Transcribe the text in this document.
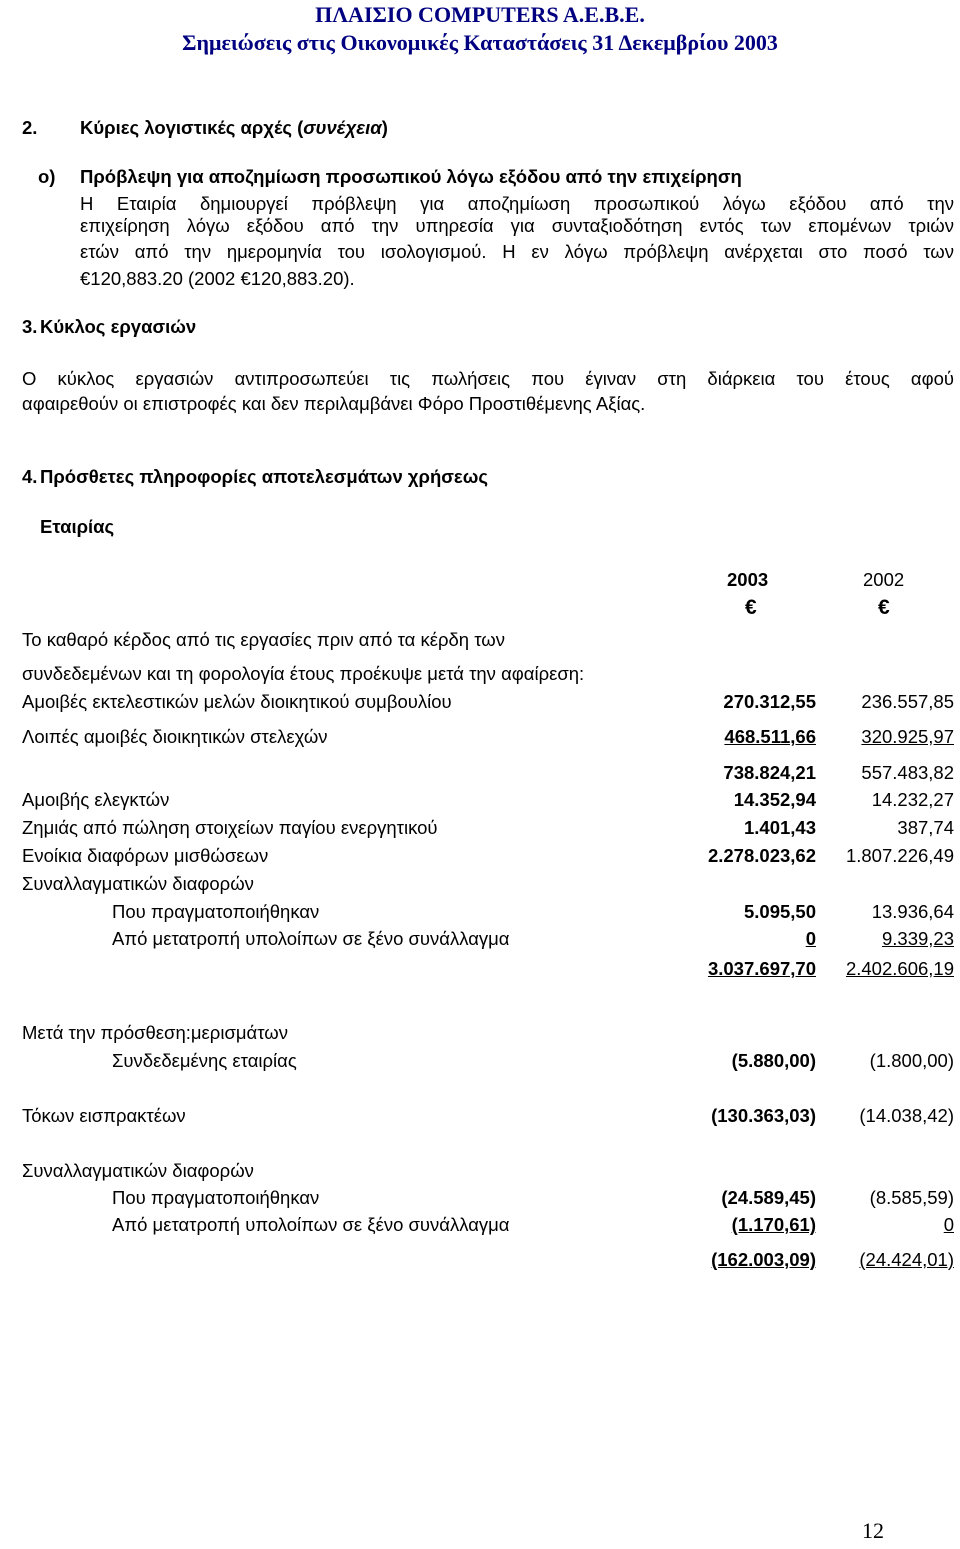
ΠΛΑΙΣΙΟ COMPUTERS A.E.B.E.
Σημειώσεις στις Οικονομικές Καταστάσεις 31 Δεκεμβρίου 2003
2. Κύριες λογιστικές αρχές (συνέχεια)
o) Πρόβλεψη για αποζημίωση προσωπικού λόγω εξόδου από την επιχείρηση
Η Εταιρία δημιουργεί πρόβλεψη για αποζημίωση προσωπικού λόγω εξόδου από την
επιχείρηση λόγω εξόδου από την υπηρεσία για συνταξιοδότηση εντός των επομένων τριών
ετών από την ημερομηνία του ισολογισμού. Η εν λόγω πρόβλεψη ανέρχεται στο ποσό των
€120,883.20 (2002 €120,883.20).
3. Κύκλος εργασιών
Ο κύκλος εργασιών αντιπροσωπεύει τις πωλήσεις που έγιναν στη διάρκεια του έτους αφού
αφαιρεθούν οι επιστροφές και δεν περιλαμβάνει Φόρο Προστιθέμενης Αξίας.
4. Πρόσθετες πληροφορίες αποτελεσμάτων χρήσεως
Εταιρίας
2003	2002
€	€
Το καθαρό κέρδος από τις εργασίες πριν από τα κέρδη των
συνδεδεμένων και τη φορολογία έτους προέκυψε μετά την αφαίρεση:
Αμοιβές εκτελεστικών μελών διοικητικού συμβουλίου	270.312,55	236.557,85
Λοιπές αμοιβές διοικητικών στελεχών	468.511,66	320.925,97
738.824,21	557.483,82
Αμοιβής ελεγκτών	14.352,94	14.232,27
Ζημιάς από πώληση στοιχείων παγίου ενεργητικού	1.401,43	387,74
Ενοίκια διαφόρων μισθώσεων	2.278.023,62	1.807.226,49
Συναλλαγματικών διαφορών
Που πραγματοποιήθηκαν	5.095,50	13.936,64
Από μετατροπή υπολοίπων σε ξένο συνάλλαγμα	0	9.339,23
3.037.697,70	2.402.606,19
Μετά την πρόσθεση:μερισμάτων
Συνδεδεμένης εταιρίας	(5.880,00)	(1.800,00)
Τόκων εισπρακτέων	(130.363,03)	(14.038,42)
Συναλλαγματικών διαφορών
Που πραγματοποιήθηκαν	(24.589,45)	(8.585,59)
Από μετατροπή υπολοίπων σε ξένο συνάλλαγμα	(1.170,61)	0
(162.003,09)	(24.424,01)
12
